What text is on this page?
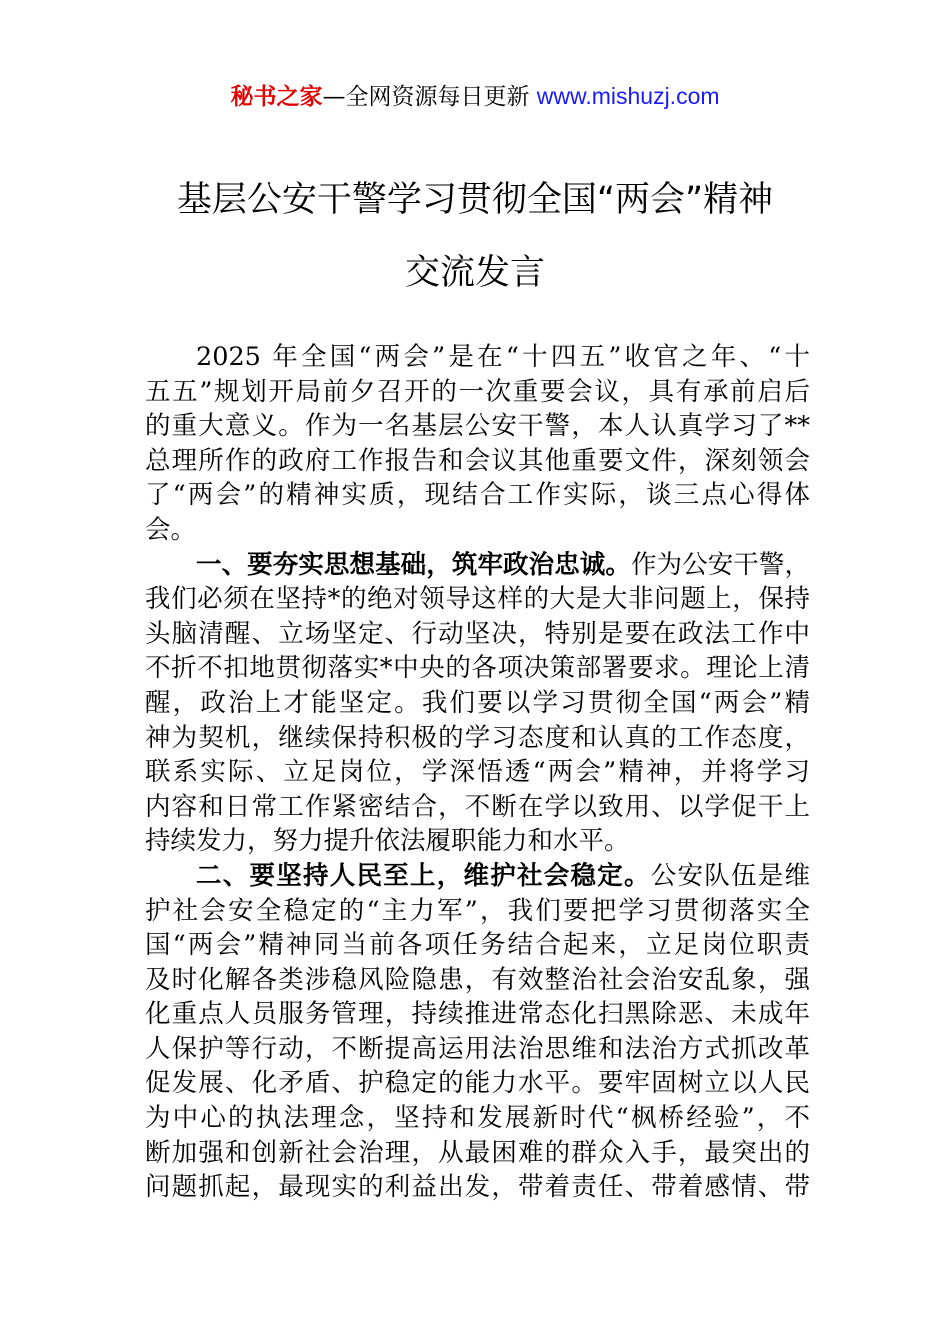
秘书之家—全网资源每日更新 www.mishuzj.com
基层公安干警学习贯彻全国“两会”精神
交流发言
2025 年全国“两会”是在“十四五”收官之年、“十
五五”规划开局前夕召开的一次重要会议，具有承前启后
的重大意义。作为一名基层公安干警，本人认真学习了**
总理所作的政府工作报告和会议其他重要文件，深刻领会
了“两会”的精神实质，现结合工作实际，谈三点心得体
会。
一、要夯实思想基础，筑牢政治忠诚。作为公安干警，
我们必须在坚持*的绝对领导这样的大是大非问题上，保持
头脑清醒、立场坚定、行动坚决，特别是要在政法工作中
不折不扣地贯彻落实*中央的各项决策部署要求。理论上清
醒，政治上才能坚定。我们要以学习贯彻全国“两会”精
神为契机，继续保持积极的学习态度和认真的工作态度，
联系实际、立足岗位，学深悟透“两会”精神，并将学习
内容和日常工作紧密结合，不断在学以致用、以学促干上
持续发力，努力提升依法履职能力和水平。
二、要坚持人民至上，维护社会稳定。公安队伍是维
护社会安全稳定的“主力军”，我们要把学习贯彻落实全
国“两会”精神同当前各项任务结合起来，立足岗位职责
及时化解各类涉稳风险隐患，有效整治社会治安乱象，强
化重点人员服务管理，持续推进常态化扫黑除恶、未成年
人保护等行动，不断提高运用法治思维和法治方式抓改革
促发展、化矛盾、护稳定的能力水平。要牢固树立以人民
为中心的执法理念，坚持和发展新时代“枫桥经验”，不
断加强和创新社会治理，从最困难的群众入手，最突出的
问题抓起，最现实的利益出发，带着责任、带着感情、带
